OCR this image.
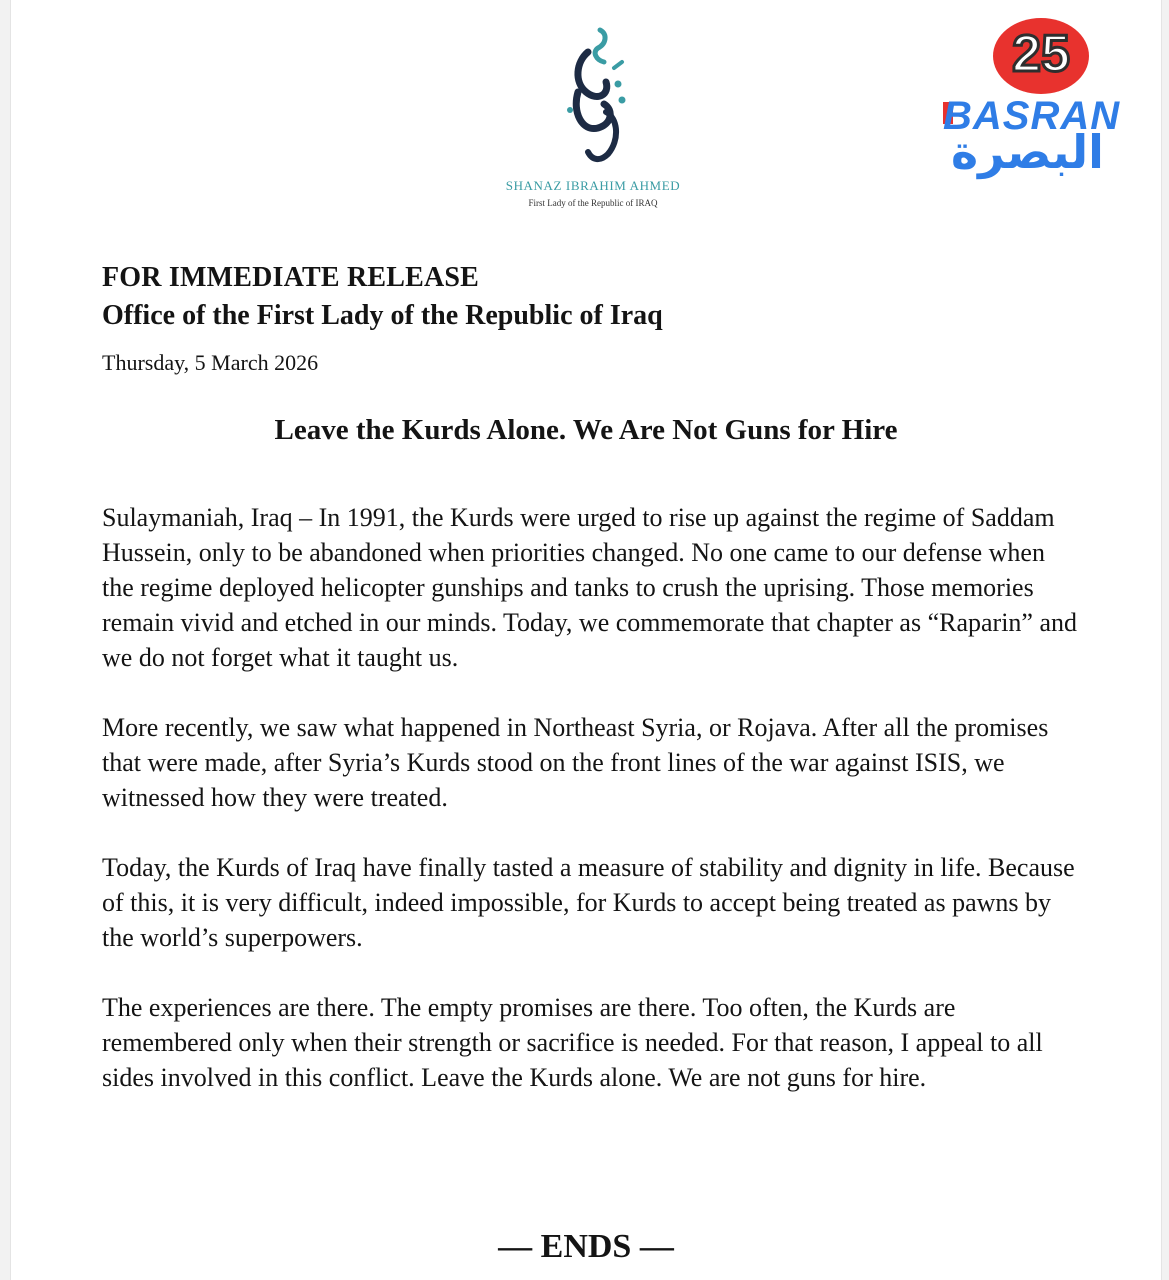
SHANAZ IBRAHIM AHMED
First Lady of the Republic of IRAQ
25
BASRAN
البصرة
FOR IMMEDIATE RELEASE
Office of the First Lady of the Republic of Iraq
Thursday, 5 March 2026
Leave the Kurds Alone. We Are Not Guns for Hire

Sulaymaniah, Iraq – In 1991, the Kurds were urged to rise up against the regime of Saddam Hussein, only to be abandoned when priorities changed. No one came to our defense when the regime deployed helicopter gunships and tanks to crush the uprising. Those memories remain vivid and etched in our minds. Today, we commemorate that chapter as “Raparin” and we do not forget what it taught us.

More recently, we saw what happened in Northeast Syria, or Rojava. After all the promises that were made, after Syria’s Kurds stood on the front lines of the war against ISIS, we witnessed how they were treated.

Today, the Kurds of Iraq have finally tasted a measure of stability and dignity in life. Because of this, it is very difficult, indeed impossible, for Kurds to accept being treated as pawns by the world’s superpowers.

The experiences are there. The empty promises are there. Too often, the Kurds are remembered only when their strength or sacrifice is needed. For that reason, I appeal to all sides involved in this conflict. Leave the Kurds alone. We are not guns for hire.

— ENDS —
